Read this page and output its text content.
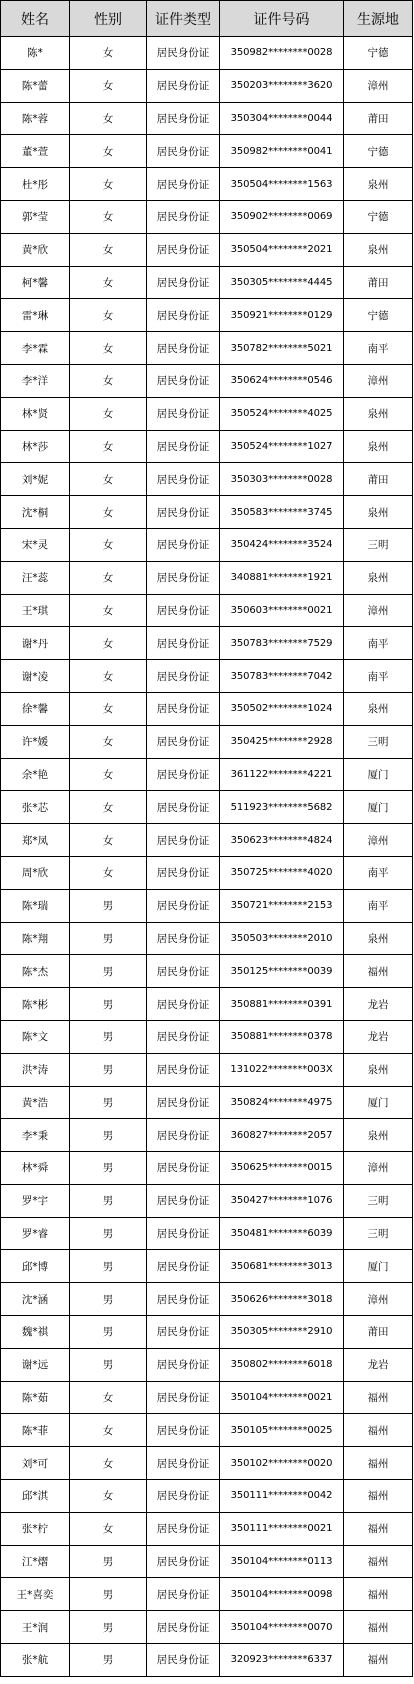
姓名	性别	证件类型	证件号码	生源地
陈*	女	居民身份证	350982********0028	宁德
陈*蕾	女	居民身份证	350203********3620	漳州
陈*蓉	女	居民身份证	350304********0044	莆田
董*萱	女	居民身份证	350982********0041	宁德
杜*彤	女	居民身份证	350504********1563	泉州
郭*莹	女	居民身份证	350902********0069	宁德
黄*欣	女	居民身份证	350504********2021	泉州
柯*馨	女	居民身份证	350305********4445	莆田
雷*琳	女	居民身份证	350921********0129	宁德
李*霖	女	居民身份证	350782********5021	南平
李*洋	女	居民身份证	350624********0546	漳州
林*贤	女	居民身份证	350524********4025	泉州
林*莎	女	居民身份证	350524********1027	泉州
刘*妮	女	居民身份证	350303********0028	莆田
沈*桐	女	居民身份证	350583********3745	泉州
宋*灵	女	居民身份证	350424********3524	三明
汪*蕊	女	居民身份证	340881********1921	泉州
王*琪	女	居民身份证	350603********0021	漳州
谢*丹	女	居民身份证	350783********7529	南平
谢*凌	女	居民身份证	350783********7042	南平
徐*馨	女	居民身份证	350502********1024	泉州
许*媛	女	居民身份证	350425********2928	三明
余*艳	女	居民身份证	361122********4221	厦门
张*芯	女	居民身份证	511923********5682	厦门
郑*凤	女	居民身份证	350623********4824	漳州
周*欣	女	居民身份证	350725********4020	南平
陈*瑞	男	居民身份证	350721********2153	南平
陈*翔	男	居民身份证	350503********2010	泉州
陈*杰	男	居民身份证	350125********0039	福州
陈*彬	男	居民身份证	350881********0391	龙岩
陈*文	男	居民身份证	350881********0378	龙岩
洪*涛	男	居民身份证	131022********003X	泉州
黄*浩	男	居民身份证	350824********4975	厦门
李*秉	男	居民身份证	360827********2057	泉州
林*舜	男	居民身份证	350625********0015	漳州
罗*宇	男	居民身份证	350427********1076	三明
罗*睿	男	居民身份证	350481********6039	三明
邱*博	男	居民身份证	350681********3013	厦门
沈*涵	男	居民身份证	350626********3018	漳州
魏*祺	男	居民身份证	350305********2910	莆田
谢*远	男	居民身份证	350802********6018	龙岩
陈*茹	女	居民身份证	350104********0021	福州
陈*菲	女	居民身份证	350105********0025	福州
刘*可	女	居民身份证	350102********0020	福州
邱*淇	女	居民身份证	350111********0042	福州
张*柠	女	居民身份证	350111********0021	福州
江*熠	男	居民身份证	350104********0113	福州
王*喜奕	男	居民身份证	350104********0098	福州
王*润	男	居民身份证	350104********0070	福州
张*航	男	居民身份证	320923********6337	福州
